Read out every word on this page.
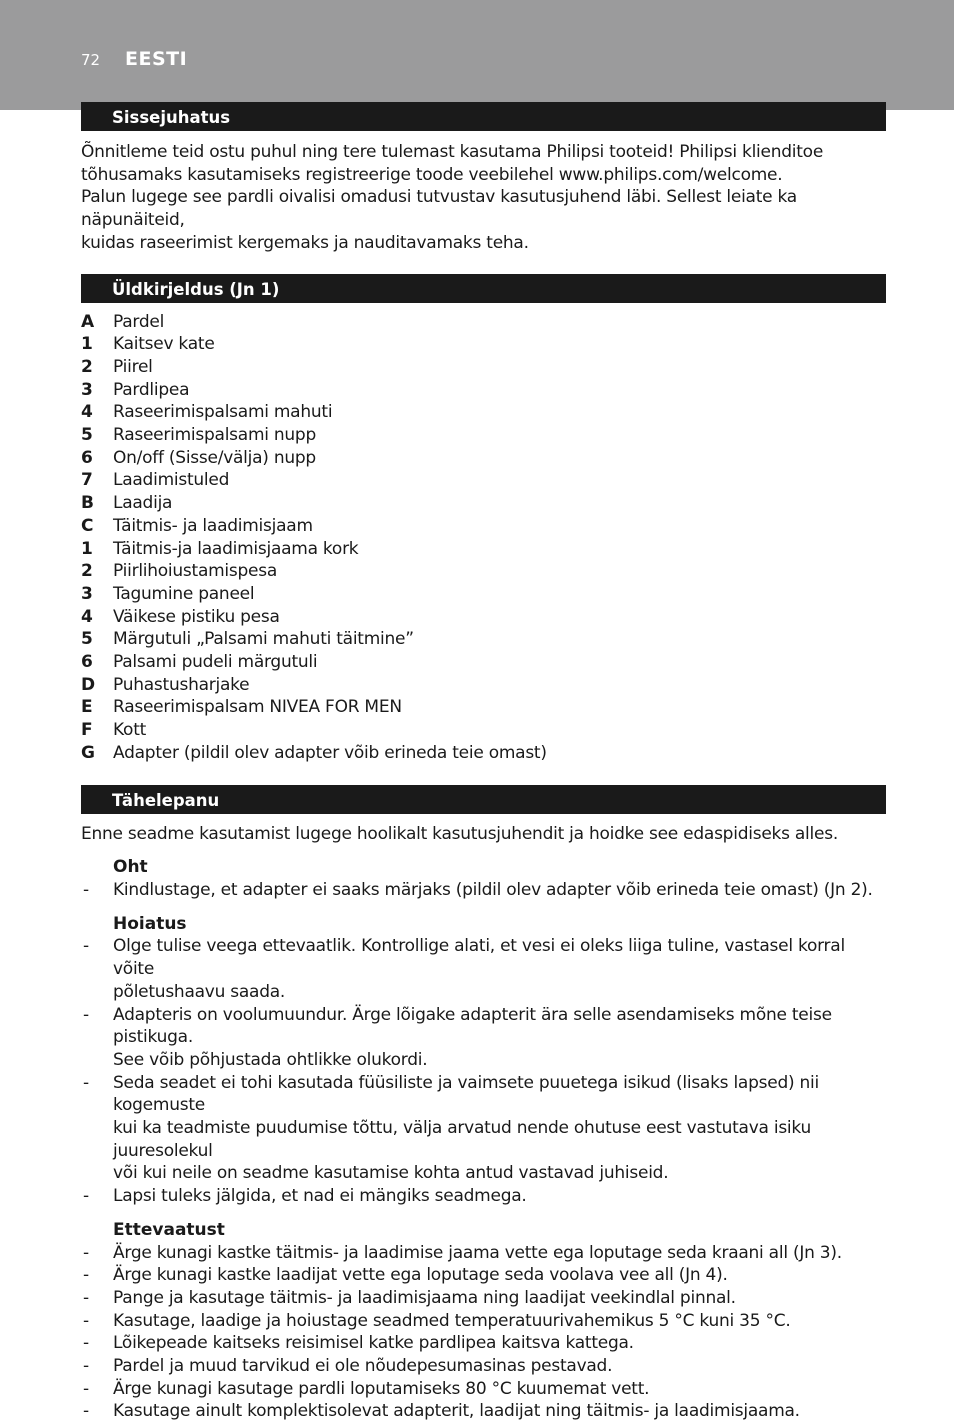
72 EESTI
Sissejuhatus
Õnnitleme teid ostu puhul ning tere tulemast kasutama Philipsi tooteid! Philipsi klienditoe
tõhusamaks kasutamiseks registreerige toode veebilehel www.philips.com/welcome.
Palun lugege see pardli oivalisi omadusi tutvustav kasutusjuhend läbi. Sellest leiate ka näpunäiteid,
kuidas raseerimist kergemaks ja nauditavamaks teha.
Üldkirjeldus (Jn 1)
A	Pardel
1	Kaitsev kate
2	Piirel
3	Pardlipea
4	Raseerimispalsami mahuti
5	Raseerimispalsami nupp
6	On/off (Sisse/välja) nupp
7	Laadimistuled
B	Laadija
C	Täitmis- ja laadimisjaam
1	Täitmis-ja laadimisjaama kork
2	Piirlihoiustamispesa
3	Tagumine paneel
4	Väikese pistiku pesa
5	Märgutuli „Palsami mahuti täitmine”
6	Palsami pudeli märgutuli
D	Puhastusharjake
E	Raseerimispalsam NIVEA FOR MEN
F	Kott
G	Adapter (pildil olev adapter võib erineda teie omast)
Tähelepanu
Enne seadme kasutamist lugege hoolikalt kasutusjuhendit ja hoidke see edaspidiseks alles.
Oht
-	Kindlustage, et adapter ei saaks märjaks (pildil olev adapter võib erineda teie omast) (Jn 2).
Hoiatus
-	Olge tulise veega ettevaatlik. Kontrollige alati, et vesi ei oleks liiga tuline, vastasel korral võite
põletushaavu saada.
-	Adapteris on voolumuundur. Ärge lõigake adapterit ära selle asendamiseks mõne teise pistikuga.
See võib põhjustada ohtlikke olukordi.
-	Seda seadet ei tohi kasutada füüsiliste ja vaimsete puuetega isikud (lisaks lapsed) nii kogemuste
kui ka teadmiste puudumise tõttu, välja arvatud nende ohutuse eest vastutava isiku juuresolekul
või kui neile on seadme kasutamise kohta antud vastavad juhiseid.
-	Lapsi tuleks jälgida, et nad ei mängiks seadmega.
Ettevaatust
-	Ärge kunagi kastke täitmis- ja laadimise jaama vette ega loputage seda kraani all (Jn 3).
-	Ärge kunagi kastke laadijat vette ega loputage seda voolava vee all (Jn 4).
-	Pange ja kasutage täitmis- ja laadimisjaama ning laadijat veekindlal pinnal.
-	Kasutage, laadige ja hoiustage seadmed temperatuurivahemikus 5 °C kuni 35 °C.
-	Lõikepeade kaitseks reisimisel katke pardlipea kaitsva kattega.
-	Pardel ja muud tarvikud ei ole nõudepesumasinas pestavad.
-	Ärge kunagi kasutage pardli loputamiseks 80 °C kuumemat vett.
-	Kasutage ainult komplektisolevat adapterit, laadijat ning täitmis- ja laadimisjaama.
